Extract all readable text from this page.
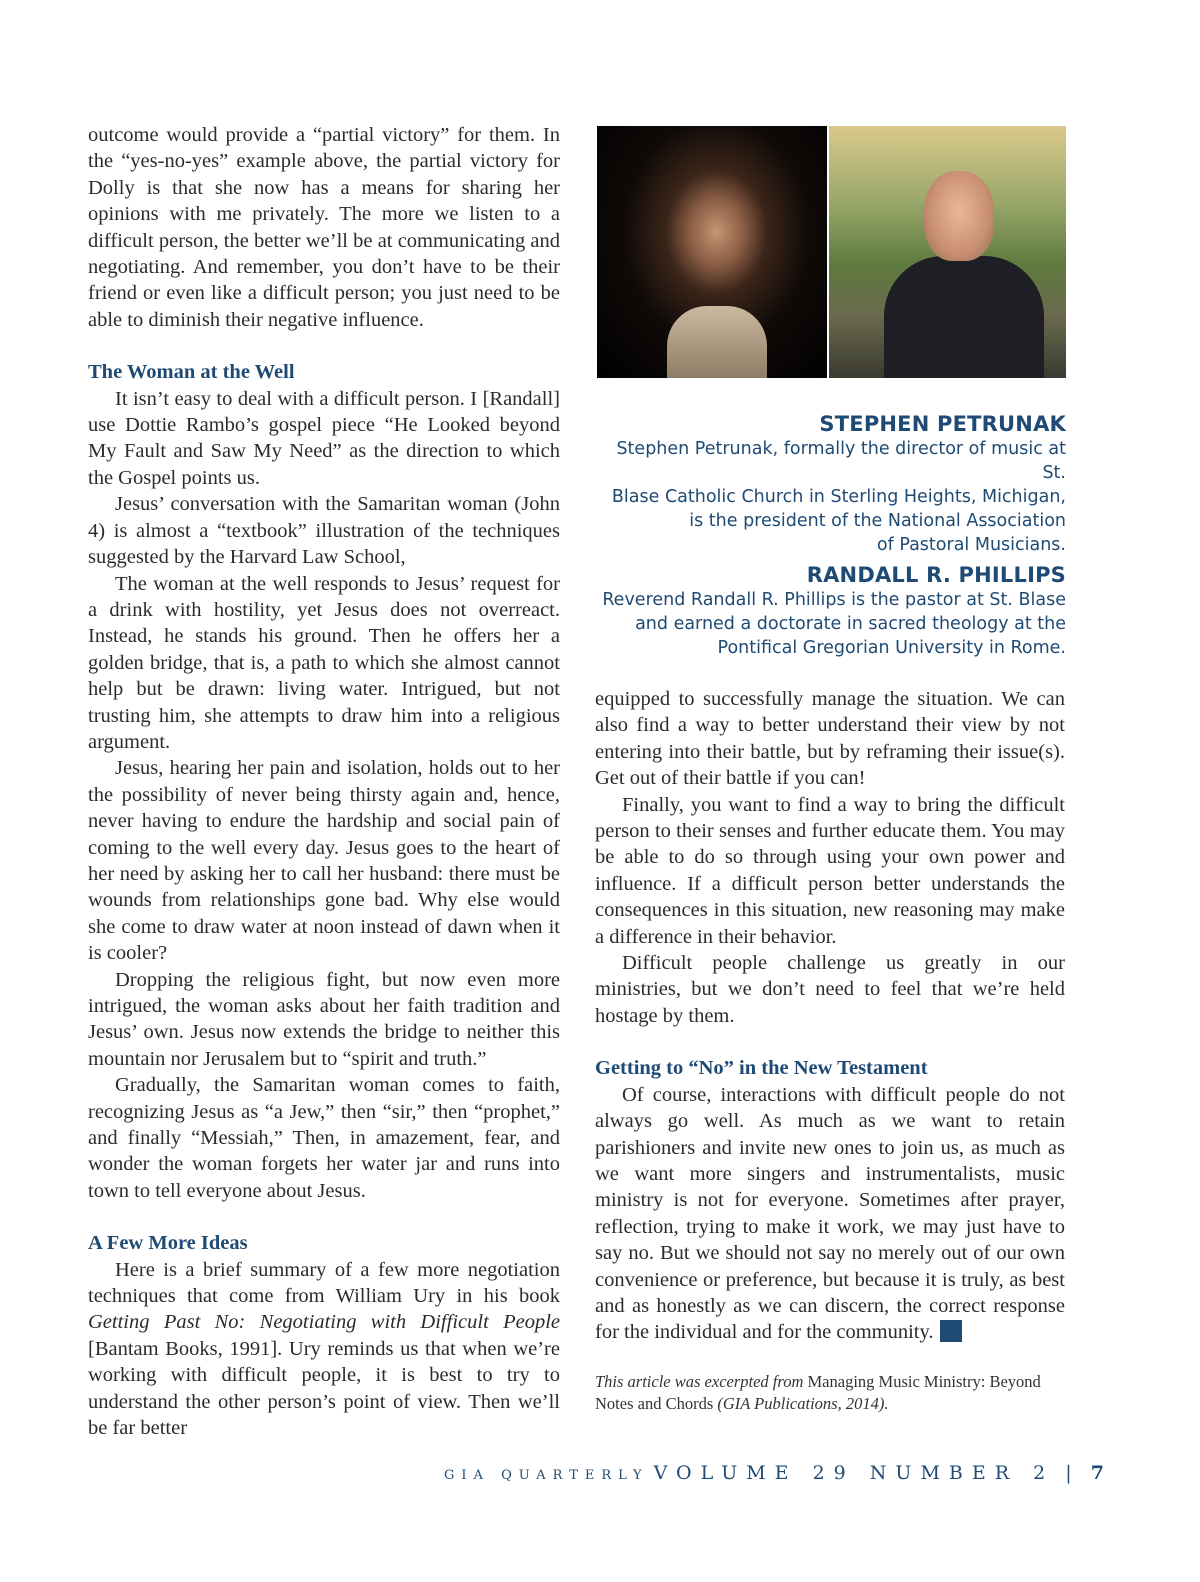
outcome would provide a “partial victory” for them. In the “yes-no-yes” example above, the partial victory for Dolly is that she now has a means for sharing her opinions with me privately. The more we listen to a difficult person, the better we’ll be at communicating and negotiating. And remember, you don’t have to be their friend or even like a difficult person; you just need to be able to diminish their negative influence.

The Woman at the Well

It isn’t easy to deal with a difficult person. I [Randall] use Dottie Rambo’s gospel piece “He Looked beyond My Fault and Saw My Need” as the direction to which the Gospel points us.

Jesus’ conversation with the Samaritan woman (John 4) is almost a “textbook” illustration of the techniques suggested by the Harvard Law School,

The woman at the well responds to Jesus’ request for a drink with hostility, yet Jesus does not overreact. Instead, he stands his ground. Then he offers her a golden bridge, that is, a path to which she almost cannot help but be drawn: living water. Intrigued, but not trusting him, she attempts to draw him into a religious argument.

Jesus, hearing her pain and isolation, holds out to her the possibility of never being thirsty again and, hence, never having to endure the hardship and social pain of coming to the well every day. Jesus goes to the heart of her need by asking her to call her husband: there must be wounds from relationships gone bad. Why else would she come to draw water at noon instead of dawn when it is cooler?

Dropping the religious fight, but now even more intrigued, the woman asks about her faith tradition and Jesus’ own. Jesus now extends the bridge to neither this mountain nor Jerusalem but to “spirit and truth.”

Gradually, the Samaritan woman comes to faith, recognizing Jesus as “a Jew,” then “sir,” then “prophet,” and finally “Messiah,” Then, in amazement, fear, and wonder the woman forgets her water jar and runs into town to tell everyone about Jesus.

A Few More Ideas

Here is a brief summary of a few more negotiation techniques that come from William Ury in his book Getting Past No: Negotiating with Difficult People [Bantam Books, 1991]. Ury reminds us that when we’re working with difficult people, it is best to try to understand the other person’s point of view. Then we’ll be far better

STEPHEN PETRUNAK

Stephen Petrunak, formally the director of music at St.

Blase Catholic Church in Sterling Heights, Michigan,

is the president of the National Association

of Pastoral Musicians.

RANDALL R. PHILLIPS

Reverend Randall R. Phillips is the pastor at St. Blase

and earned a doctorate in sacred theology at the

Pontifical Gregorian University in Rome.

equipped to successfully manage the situation. We can also find a way to better understand their view by not entering into their battle, but by reframing their issue(s). Get out of their battle if you can!

Finally, you want to find a way to bring the difficult person to their senses and further educate them. You may be able to do so through using your own power and influence. If a difficult person better understands the consequences in this situation, new reasoning may make a difference in their behavior.

Difficult people challenge us greatly in our ministries, but we don’t need to feel that we’re held hostage by them.

Getting to “No” in the New Testament

Of course, interactions with difficult people do not always go well. As much as we want to retain parishioners and invite new ones to join us, as much as we want more singers and instrumentalists, music ministry is not for everyone. Sometimes after prayer, reflection, trying to make it work, we may just have to say no. But we should not say no merely out of our own convenience or preference, but because it is truly, as best and as honestly as we can discern, the correct response for the individual and for the community.

This article was excerpted from Managing Music Ministry: Beyond Notes and Chords (GIA Publications, 2014).
GIA QUARTERLY VOLUME 29 NUMBER 2 | 7
